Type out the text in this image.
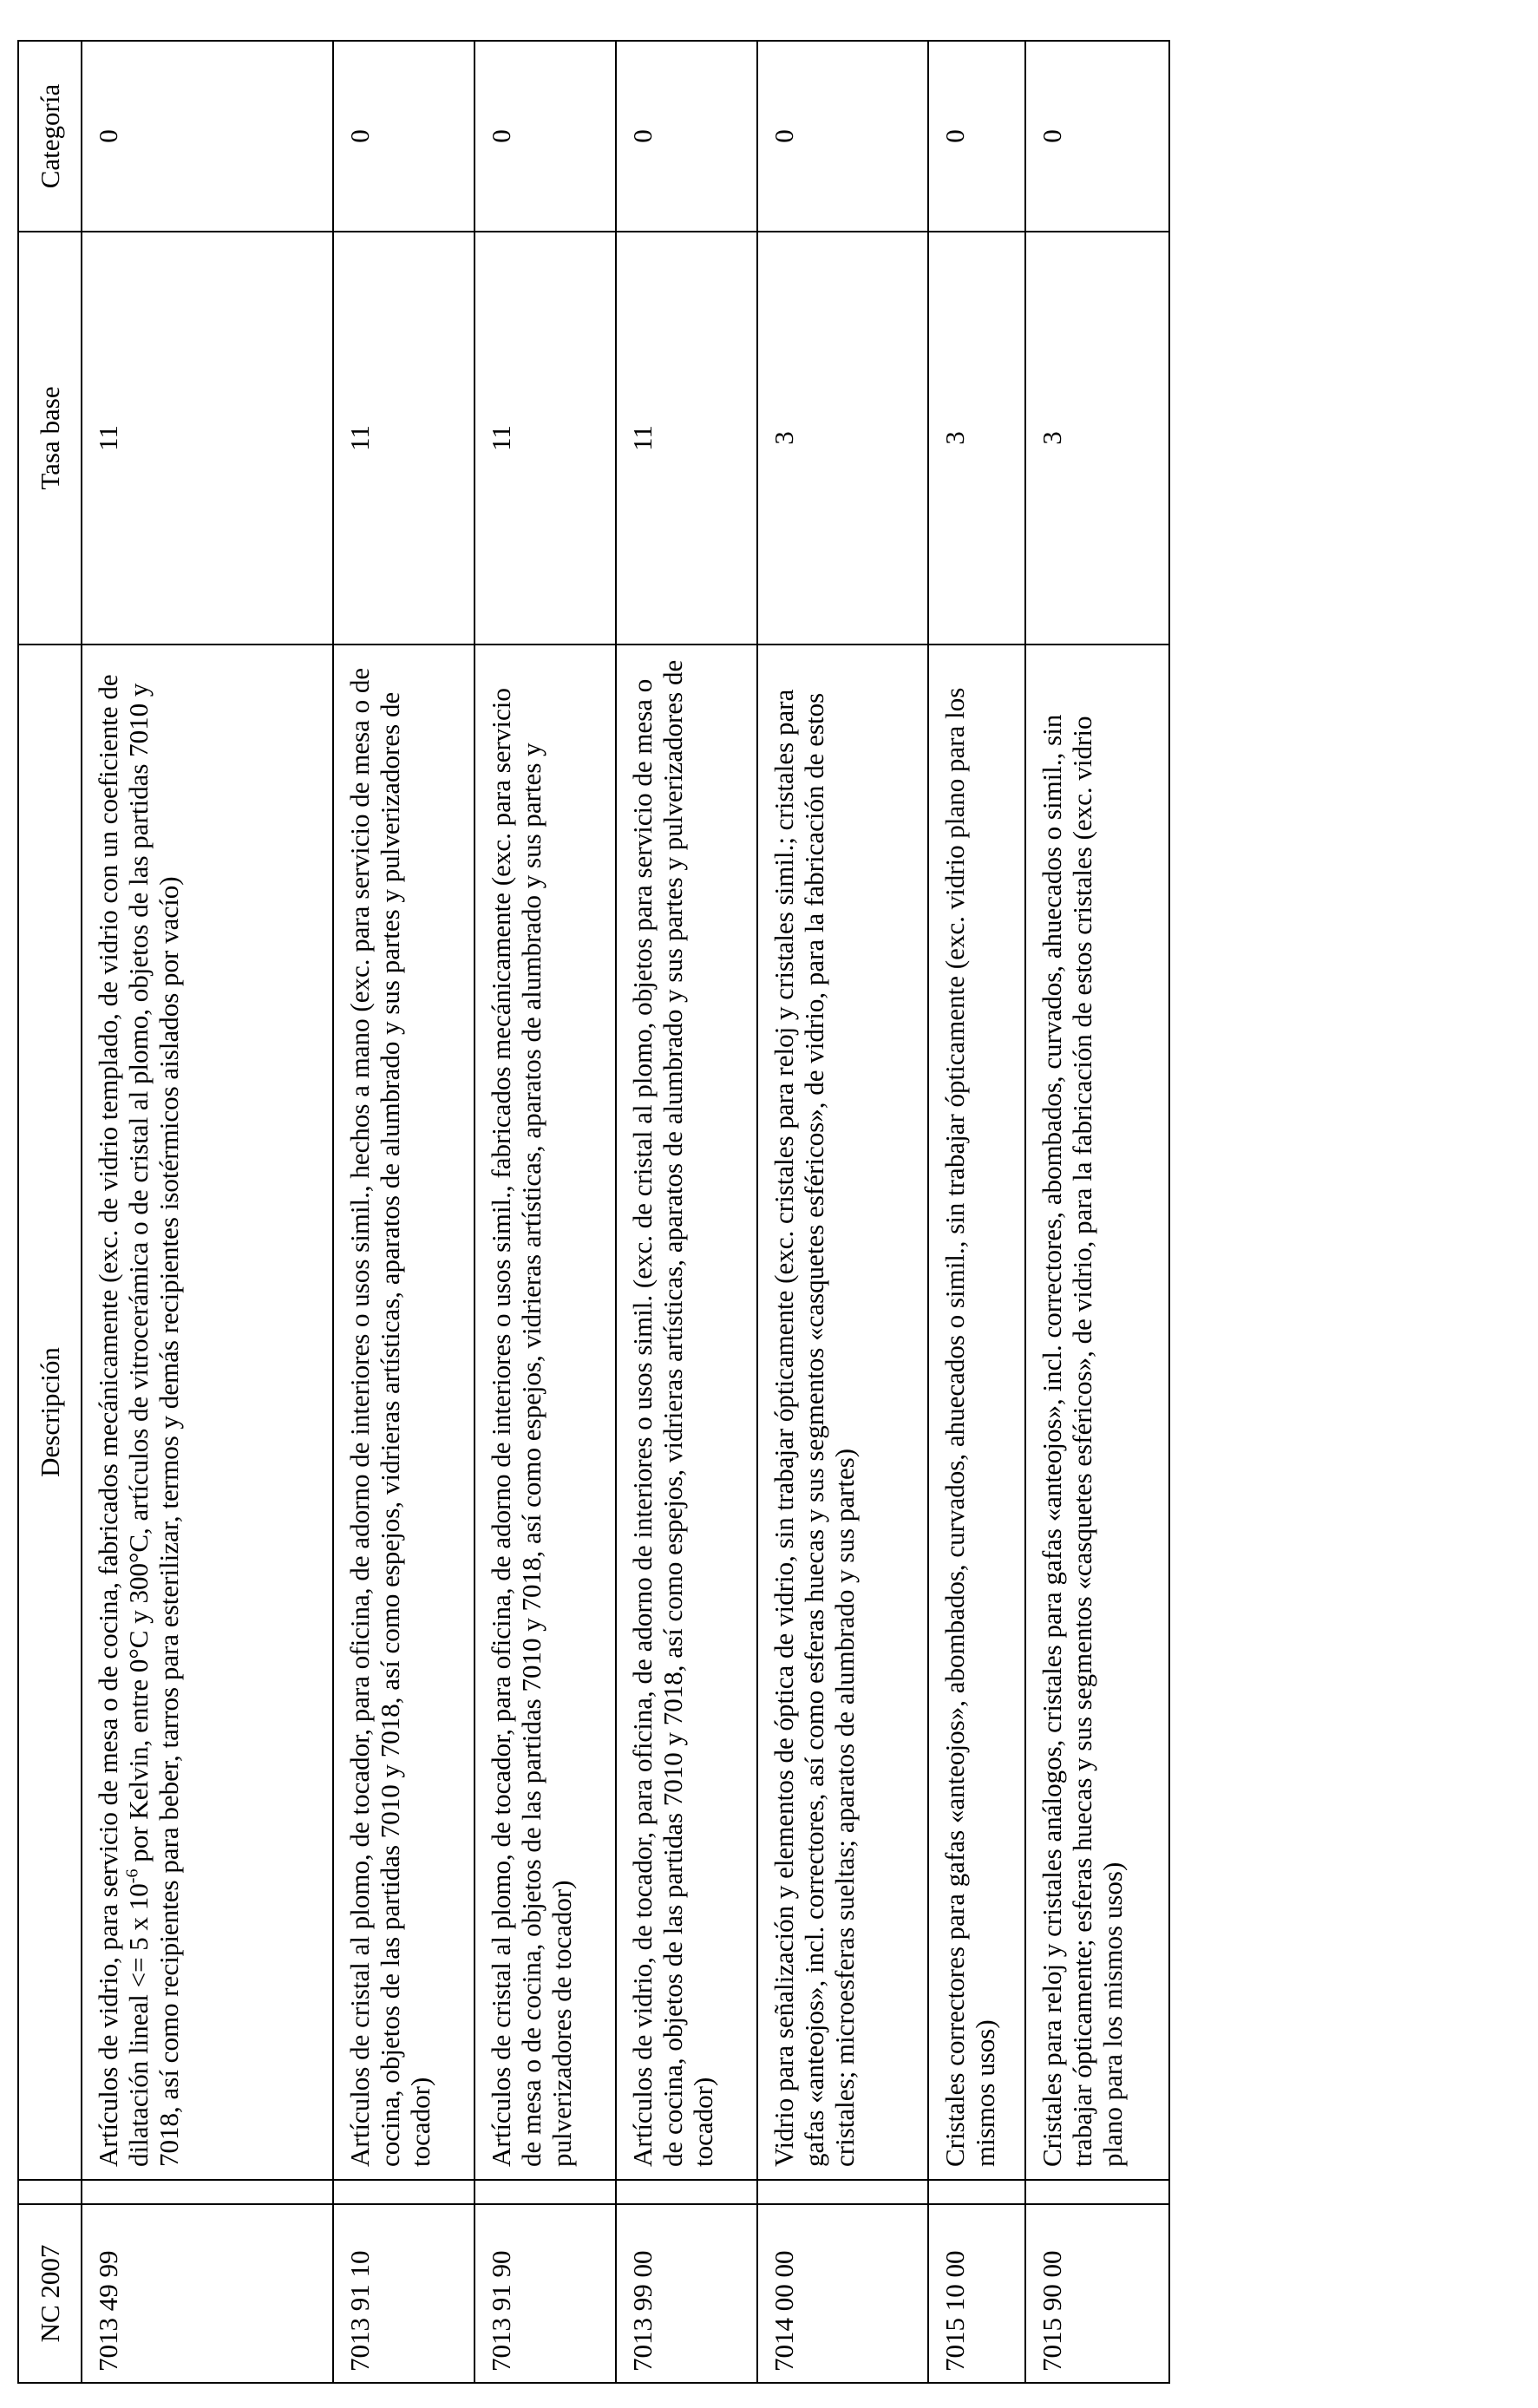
NC 2007		Descripción	Tasa base	Categoría
7013 49 99		Artículos de vidrio, para servicio de mesa o de cocina, fabricados mecánicamente (exc. de vidrio templado, de vidrio con un coeficiente de dilatación lineal <= 5 x $10^{-6}$ por Kelvin, entre 0°C y 300°C, artículos de vitrocerámica o de cristal al plomo, objetos de las partidas 7010 y 7018, así como recipientes para beber, tarros para esterilizar, termos y demás recipientes isotérmicos aislados por vacío)	11	0
7013 91 10		Artículos de cristal al plomo, de tocador, para oficina, de adorno de interiores o usos simil., hechos a mano (exc. para servicio de mesa o de cocina, objetos de las partidas 7010 y 7018, así como espejos, vidrieras artísticas, aparatos de alumbrado y sus partes y pulverizadores de tocador)	11	0
7013 91 90		Artículos de cristal al plomo, de tocador, para oficina, de adorno de interiores o usos simil., fabricados mecánicamente (exc. para servicio de mesa o de cocina, objetos de las partidas 7010 y 7018, así como espejos, vidrieras artísticas, aparatos de alumbrado y sus partes y pulverizadores de tocador)	11	0
7013 99 00		Artículos de vidrio, de tocador, para oficina, de adorno de interiores o usos simil. (exc. de cristal al plomo, objetos para servicio de mesa o de cocina, objetos de las partidas 7010 y 7018, así como espejos, vidrieras artísticas, aparatos de alumbrado y sus partes y pulverizadores de tocador)	11	0
7014 00 00		Vidrio para señalización y elementos de óptica de vidrio, sin trabajar ópticamente (exc. cristales para reloj y cristales simil.; cristales para gafas «anteojos», incl. correctores, así como esferas huecas y sus segmentos «casquetes esféricos», de vidrio, para la fabricación de estos cristales; microesferas sueltas; aparatos de alumbrado y sus partes)	3	0
7015 10 00		Cristales correctores para gafas «anteojos», abombados, curvados, ahuecados o simil., sin trabajar ópticamente (exc. vidrio plano para los mismos usos)	3	0
7015 90 00		Cristales para reloj y cristales análogos, cristales para gafas «anteojos», incl. correctores, abombados, curvados, ahuecados o simil., sin trabajar ópticamente; esferas huecas y sus segmentos «casquetes esféricos», de vidrio, para la fabricación de estos cristales (exc. vidrio plano para los mismos usos)	3	0
